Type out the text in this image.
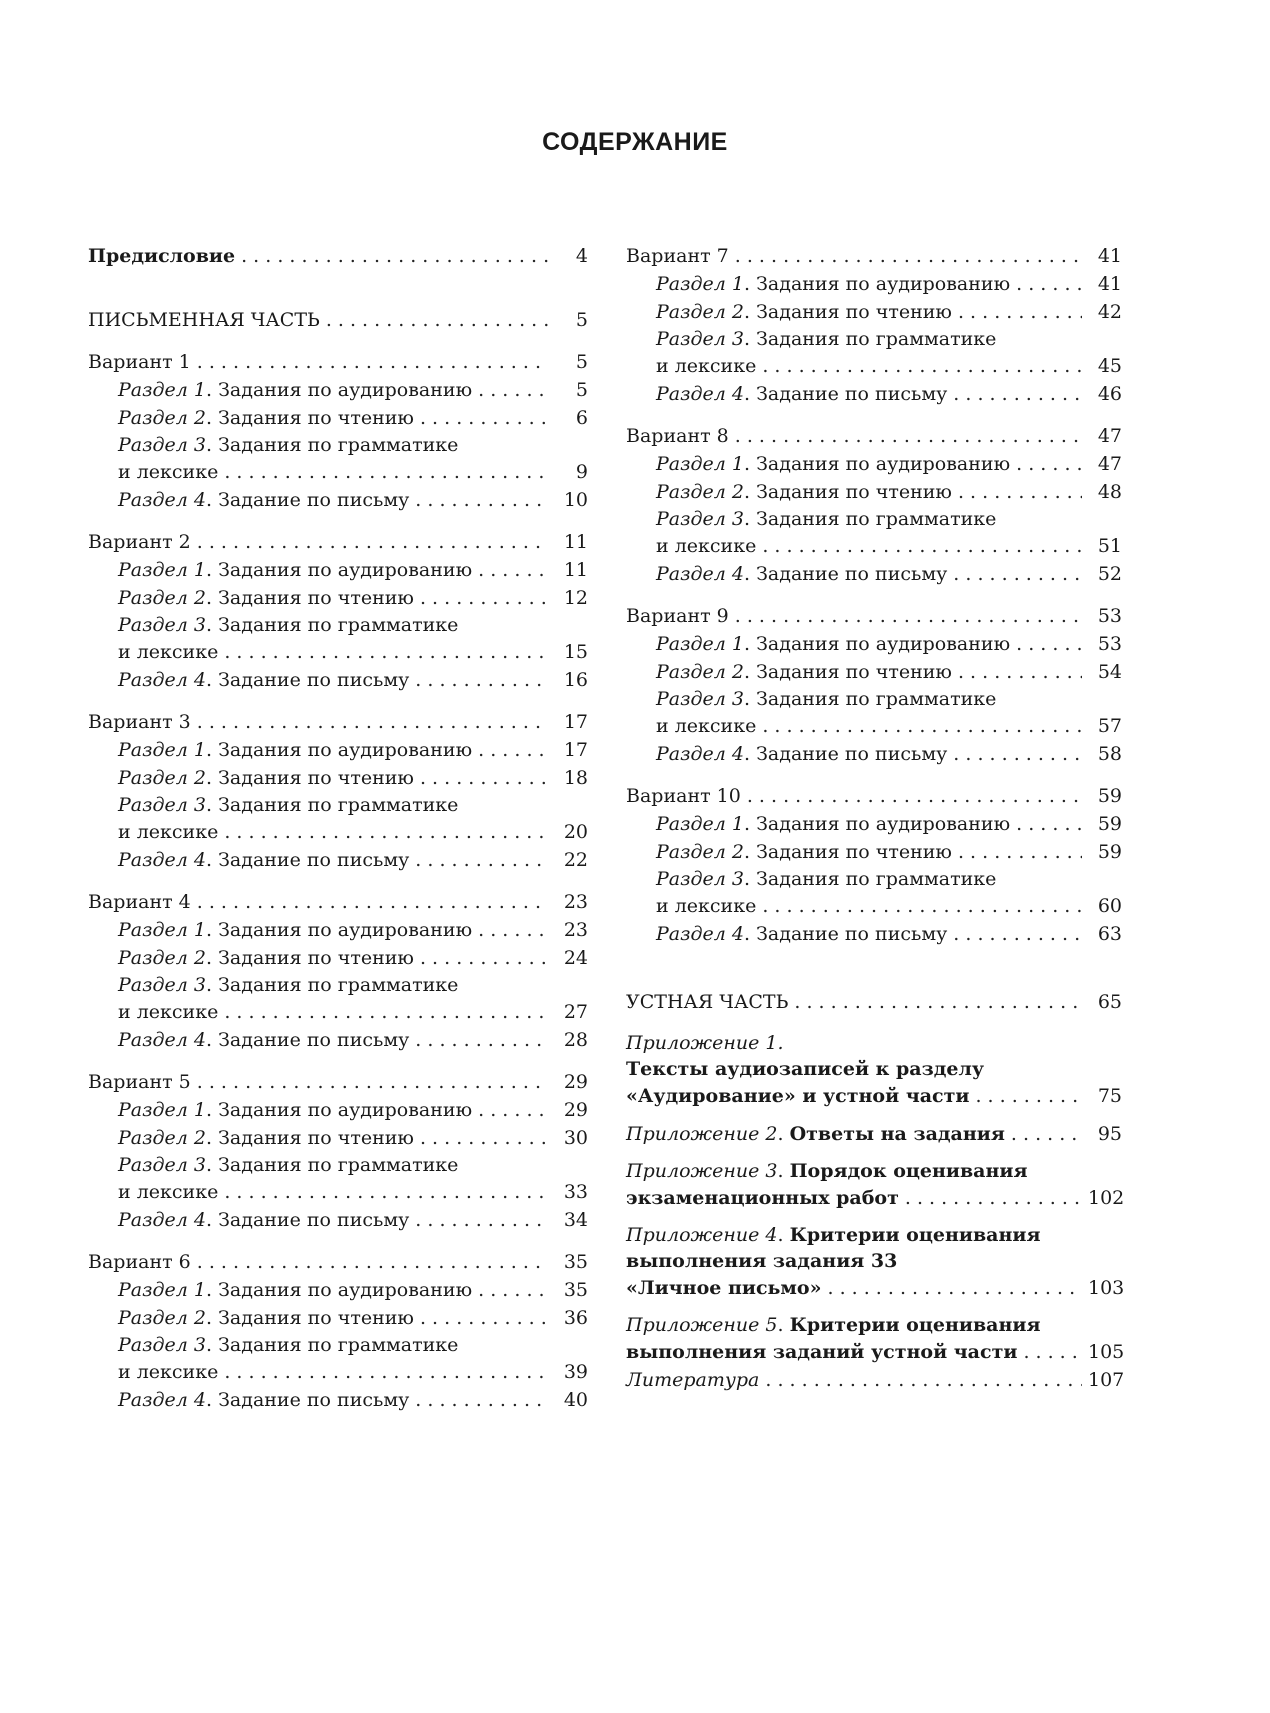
СОДЕРЖАНИЕ
Предисловие . . .	4
ПИСЬМЕННАЯ ЧАСТЬ . . .	5
Вариант 1 . . .	5
Раздел 1. Задания по аудированию . . .	5
Раздел 2. Задания по чтению . . .	6
Раздел 3. Задания по грамматике
и лексике . . .	9
Раздел 4. Задание по письму . . .	10
Вариант 2 . . .	11
Раздел 1. Задания по аудированию . . .	11
Раздел 2. Задания по чтению . . .	12
Раздел 3. Задания по грамматике
и лексике . . .	15
Раздел 4. Задание по письму . . .	16
Вариант 3 . . .	17
Раздел 1. Задания по аудированию . . .	17
Раздел 2. Задания по чтению . . .	18
Раздел 3. Задания по грамматике
и лексике . . .	20
Раздел 4. Задание по письму . . .	22
Вариант 4 . . .	23
Раздел 1. Задания по аудированию . . .	23
Раздел 2. Задания по чтению . . .	24
Раздел 3. Задания по грамматике
и лексике . . .	27
Раздел 4. Задание по письму . . .	28
Вариант 5 . . .	29
Раздел 1. Задания по аудированию . . .	29
Раздел 2. Задания по чтению . . .	30
Раздел 3. Задания по грамматике
и лексике . . .	33
Раздел 4. Задание по письму . . .	34
Вариант 6 . . .	35
Раздел 1. Задания по аудированию . . .	35
Раздел 2. Задания по чтению . . .	36
Раздел 3. Задания по грамматике
и лексике . . .	39
Раздел 4. Задание по письму . . .	40
Вариант 7 . . .	41
Раздел 1. Задания по аудированию . . .	41
Раздел 2. Задания по чтению . . .	42
Раздел 3. Задания по грамматике
и лексике . . .	45
Раздел 4. Задание по письму . . .	46
Вариант 8 . . .	47
Раздел 1. Задания по аудированию . . .	47
Раздел 2. Задания по чтению . . .	48
Раздел 3. Задания по грамматике
и лексике . . .	51
Раздел 4. Задание по письму . . .	52
Вариант 9 . . .	53
Раздел 1. Задания по аудированию . . .	53
Раздел 2. Задания по чтению . . .	54
Раздел 3. Задания по грамматике
и лексике . . .	57
Раздел 4. Задание по письму . . .	58
Вариант 10 . . .	59
Раздел 1. Задания по аудированию . . .	59
Раздел 2. Задания по чтению . . .	59
Раздел 3. Задания по грамматике
и лексике . . .	60
Раздел 4. Задание по письму . . .	63
УСТНАЯ ЧАСТЬ . . .	65
Приложение 1.
Тексты аудиозаписей к разделу
«Аудирование» и устной части . . .	75
Приложение 2. Ответы на задания . . .	95
Приложение 3. Порядок оценивания
экзаменационных работ . . .	102
Приложение 4. Критерии оценивания
выполнения задания 33
«Личное письмо» . . .	103
Приложение 5. Критерии оценивания
выполнения заданий устной части . . .	105
Литература . . .	107
